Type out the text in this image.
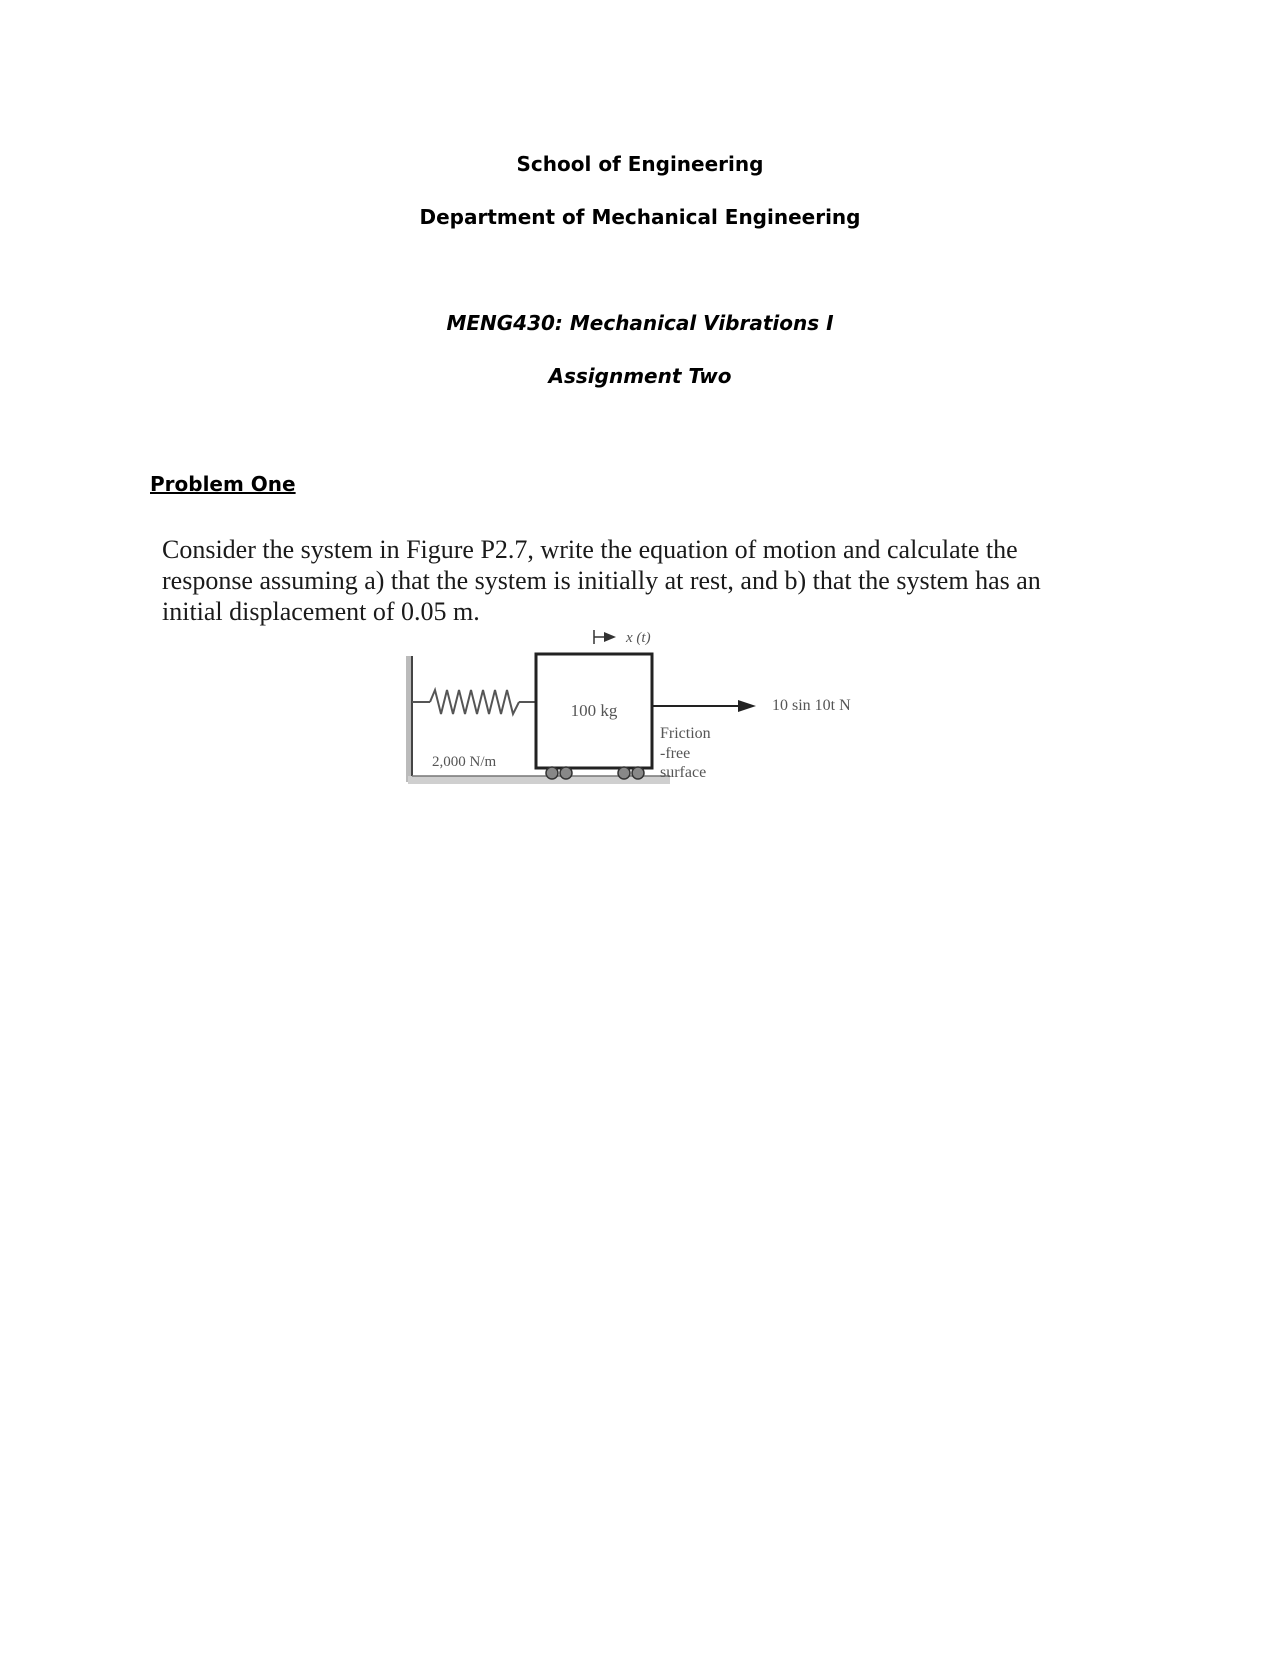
School of Engineering
Department of Mechanical Engineering
MENG430: Mechanical Vibrations I
Assignment Two
Problem One

Consider the system in Figure P2.7, write the equation of motion and calculate the response assuming a) that the system is initially at rest, and b) that the system has an initial displacement of 0.05 m.

x (t)
10 sin 10t N
100 kg
2,000 N/m
Friction
-free
surface
